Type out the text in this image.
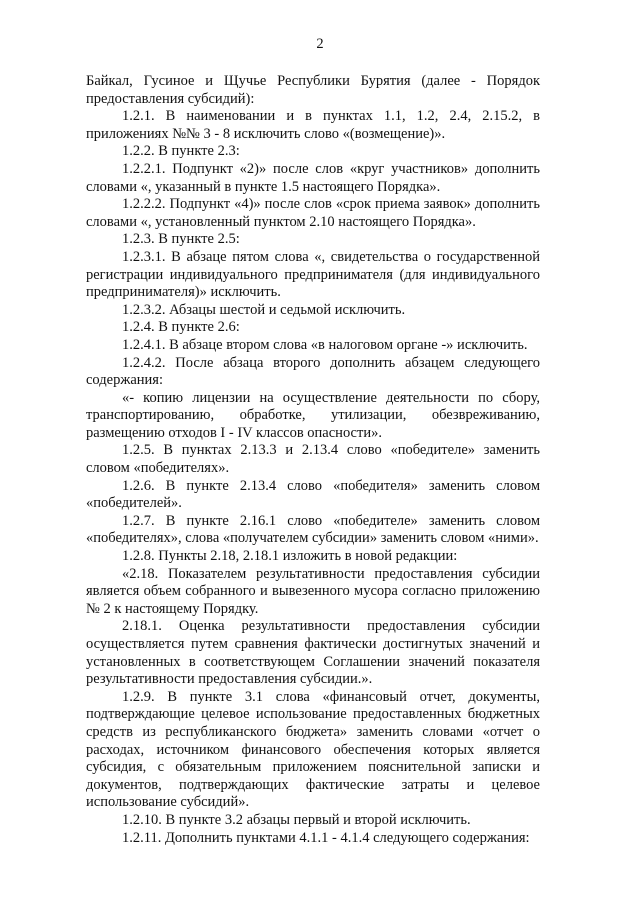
2

Байкал, Гусиное и Щучье Республики Бурятия (далее - Порядок предоставления субсидий):

1.2.1. В наименовании и в пунктах 1.1, 1.2, 2.4, 2.15.2, в приложениях №№ 3 - 8 исключить слово «(возмещение)».

1.2.2. В пункте 2.3:

1.2.2.1. Подпункт «2)» после слов «круг участников» дополнить словами «, указанный в пункте 1.5 настоящего Порядка».

1.2.2.2. Подпункт «4)» после слов «срок приема заявок» дополнить словами «, установленный пунктом 2.10 настоящего Порядка».

1.2.3. В пункте 2.5:

1.2.3.1. В абзаце пятом слова «, свидетельства о государственной регистрации индивидуального предпринимателя (для индивидуального предпринимателя)» исключить.

1.2.3.2. Абзацы шестой и седьмой исключить.

1.2.4. В пункте 2.6:

1.2.4.1. В абзаце втором слова «в налоговом органе -» исключить.

1.2.4.2. После абзаца второго дополнить абзацем следующего содержания:

«- копию лицензии на осуществление деятельности по сбору, транспортированию, обработке, утилизации, обезвреживанию, размещению отходов I - IV классов опасности».

1.2.5. В пунктах 2.13.3 и 2.13.4 слово «победителе» заменить словом «победителях».

1.2.6. В пункте 2.13.4 слово «победителя» заменить словом «победителей».

1.2.7. В пункте 2.16.1 слово «победителе» заменить словом «победителях», слова «получателем субсидии» заменить словом «ними».

1.2.8. Пункты 2.18, 2.18.1 изложить в новой редакции:

«2.18. Показателем результативности предоставления субсидии является объем собранного и вывезенного мусора согласно приложению № 2 к настоящему Порядку.

2.18.1. Оценка результативности предоставления субсидии осуществляется путем сравнения фактически достигнутых значений и установленных в соответствующем Соглашении значений показателя результативности предоставления субсидии.».

1.2.9. В пункте 3.1 слова «финансовый отчет, документы, подтверждающие целевое использование предоставленных бюджетных средств из республиканского бюджета» заменить словами «отчет о расходах, источником финансового обеспечения которых является субсидия, с обязательным приложением пояснительной записки и документов, подтверждающих фактические затраты и целевое использование субсидий».

1.2.10. В пункте 3.2 абзацы первый и второй исключить.

1.2.11. Дополнить пунктами 4.1.1 - 4.1.4 следующего содержания:
